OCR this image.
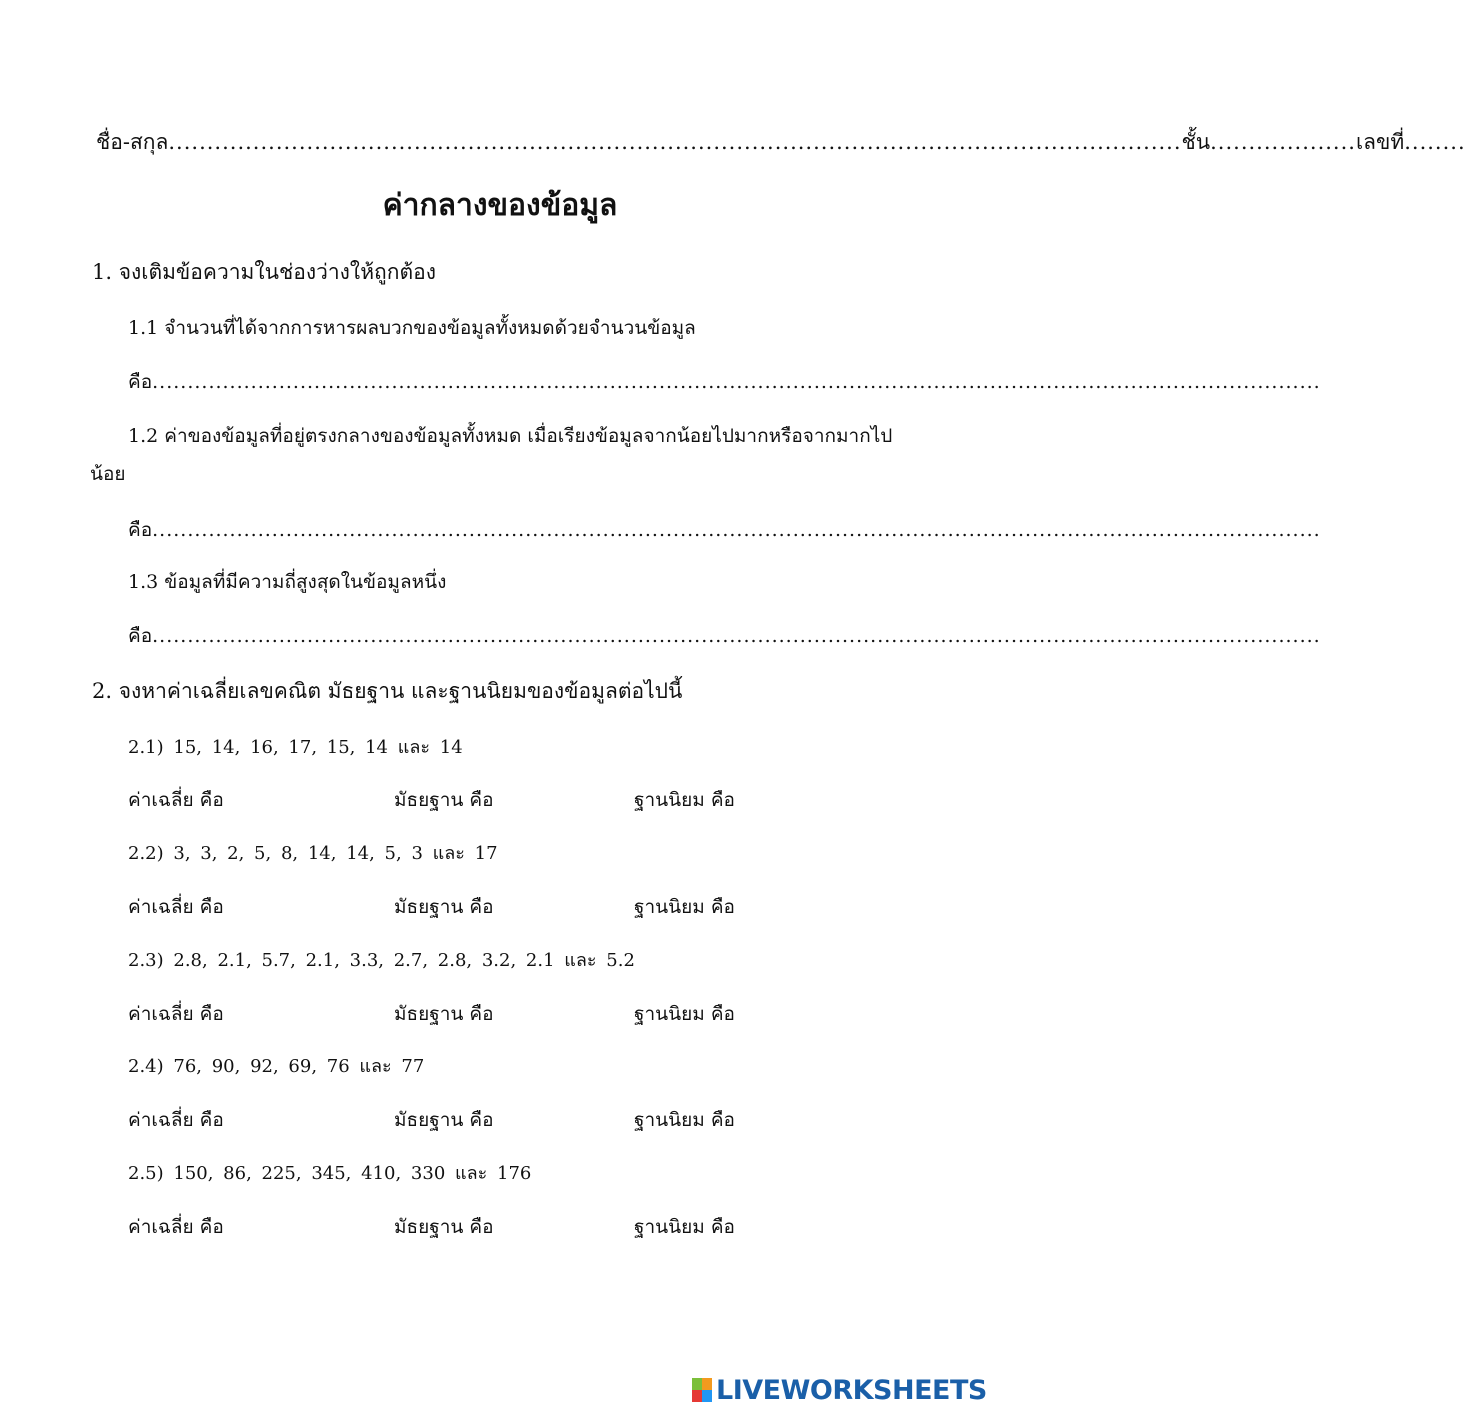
ชื่อ-สกุล .................................................................................................................................... ชั้น ................... เลขที่ ........
ค่ากลางของข้อมูล
1. จงเติมข้อความในช่องว่างให้ถูกต้อง
1.1 จำนวนที่ได้จากการหารผลบวกของข้อมูลทั้งหมดด้วยจำนวนข้อมูล
คือ ......................................................................................................................................................................
1.2 ค่าของข้อมูลที่อยู่ตรงกลางของข้อมูลทั้งหมด เมื่อเรียงข้อมูลจากน้อยไปมากหรือจากมากไป
น้อย
คือ ......................................................................................................................................................................
1.3 ข้อมูลที่มีความถี่สูงสุดในข้อมูลหนึ่ง
คือ ......................................................................................................................................................................
2. จงหาค่าเฉลี่ยเลขคณิต มัธยฐาน และฐานนิยมของข้อมูลต่อไปนี้
2.1) 15, 14, 16, 17, 15, 14 และ 14
ค่าเฉลี่ย คือ	มัธยฐาน คือ	ฐานนิยม คือ
2.2) 3, 3, 2, 5, 8, 14, 14, 5, 3 และ 17
ค่าเฉลี่ย คือ	มัธยฐาน คือ	ฐานนิยม คือ
2.3) 2.8, 2.1, 5.7, 2.1, 3.3, 2.7, 2.8, 3.2, 2.1 และ 5.2
ค่าเฉลี่ย คือ	มัธยฐาน คือ	ฐานนิยม คือ
2.4) 76, 90, 92, 69, 76 และ 77
ค่าเฉลี่ย คือ	มัธยฐาน คือ	ฐานนิยม คือ
2.5) 150, 86, 225, 345, 410, 330 และ 176
ค่าเฉลี่ย คือ	มัธยฐาน คือ	ฐานนิยม คือ
LIVEWORKSHEETS
